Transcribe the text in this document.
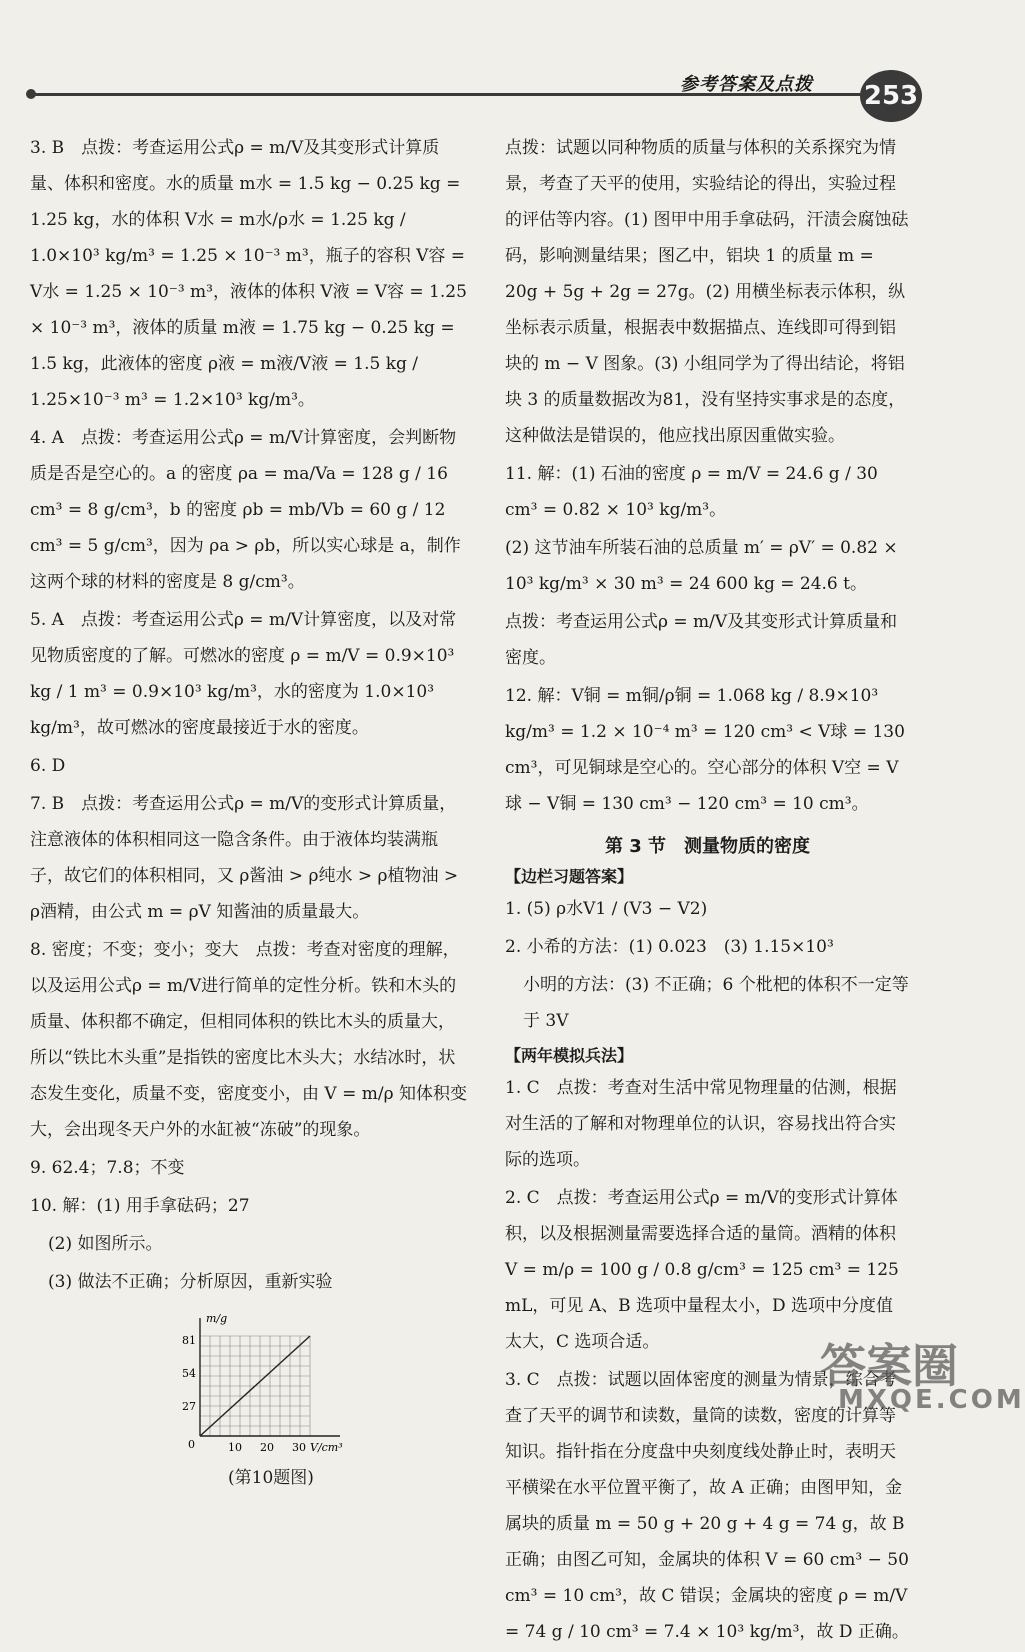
参考答案及点拨 253
3. B　点拨：考查运用公式ρ = m/V及其变形式计算质量、体积和密度。水的质量 m水 = 1.5 kg − 0.25 kg = 1.25 kg，水的体积 V水 = m水/ρ水 = 1.25 kg / 1.0×10³ kg/m³ = 1.25 × 10⁻³ m³，瓶子的容积 V容 = V水 = 1.25 × 10⁻³ m³，液体的体积 V液 = V容 = 1.25 × 10⁻³ m³，液体的质量 m液 = 1.75 kg − 0.25 kg = 1.5 kg，此液体的密度 ρ液 = m液/V液 = 1.5 kg / 1.25×10⁻³ m³ = 1.2×10³ kg/m³。
4. A　点拨：考查运用公式ρ = m/V计算密度，会判断物质是否是空心的。a 的密度 ρa = ma/Va = 128 g / 16 cm³ = 8 g/cm³，b 的密度 ρb = mb/Vb = 60 g / 12 cm³ = 5 g/cm³，因为 ρa > ρb，所以实心球是 a，制作这两个球的材料的密度是 8 g/cm³。
5. A　点拨：考查运用公式ρ = m/V计算密度，以及对常见物质密度的了解。可燃冰的密度 ρ = m/V = 0.9×10³ kg / 1 m³ = 0.9×10³ kg/m³，水的密度为 1.0×10³ kg/m³，故可燃冰的密度最接近于水的密度。
6. D
7. B　点拨：考查运用公式ρ = m/V的变形式计算质量，注意液体的体积相同这一隐含条件。由于液体均装满瓶子，故它们的体积相同，又 ρ酱油 > ρ纯水 > ρ植物油 > ρ酒精，由公式 m = ρV 知酱油的质量最大。
8. 密度；不变；变小；变大　点拨：考查对密度的理解，以及运用公式ρ = m/V进行简单的定性分析。铁和木头的质量、体积都不确定，但相同体积的铁比木头的质量大，所以“铁比木头重”是指铁的密度比木头大；水结冰时，状态发生变化，质量不变，密度变小，由 V = m/ρ 知体积变大，会出现冬天户外的水缸被“冻破”的现象。
9. 62.4；7.8；不变
10. 解：(1) 用手拿砝码；27
(2) 如图所示。
(3) 做法不正确；分析原因，重新实验
m/g
V/cm³
0	10 20 30
27
54
81
(第10题图)
点拨：试题以同种物质的质量与体积的关系探究为情景，考查了天平的使用，实验结论的得出，实验过程的评估等内容。(1) 图甲中用手拿砝码，汗渍会腐蚀砝码，影响测量结果；图乙中，铝块 1 的质量 m = 20g + 5g + 2g = 27g。(2) 用横坐标表示体积，纵坐标表示质量，根据表中数据描点、连线即可得到铝块的 m − V 图象。(3) 小组同学为了得出结论，将铝块 3 的质量数据改为81，没有坚持实事求是的态度，这种做法是错误的，他应找出原因重做实验。
11. 解：(1) 石油的密度 ρ = m/V = 24.6 g / 30 cm³ = 0.82 × 10³ kg/m³。
(2) 这节油车所装石油的总质量 m′ = ρV′ = 0.82 × 10³ kg/m³ × 30 m³ = 24 600 kg = 24.6 t。
点拨：考查运用公式ρ = m/V及其变形式计算质量和密度。
12. 解：V铜 = m铜/ρ铜 = 1.068 kg / 8.9×10³ kg/m³ = 1.2 × 10⁻⁴ m³ = 120 cm³ < V球 = 130 cm³，可见铜球是空心的。空心部分的体积 V空 = V球 − V铜 = 130 cm³ − 120 cm³ = 10 cm³。
第 3 节　测量物质的密度
【边栏习题答案】
1. (5) ρ水V1 / (V3 − V2)
2. 小希的方法：(1) 0.023　(3) 1.15×10³
小明的方法：(3) 不正确；6 个枇杷的体积不一定等于 3V
【两年模拟兵法】
1. C　点拨：考查对生活中常见物理量的估测，根据对生活的了解和对物理单位的认识，容易找出符合实际的选项。
2. C　点拨：考查运用公式ρ = m/V的变形式计算体积，以及根据测量需要选择合适的量筒。酒精的体积 V = m/ρ = 100 g / 0.8 g/cm³ = 125 cm³ = 125 mL，可见 A、B 选项中量程太小，D 选项中分度值太大，C 选项合适。
3. C　点拨：试题以固体密度的测量为情景，综合考查了天平的调节和读数，量筒的读数，密度的计算等知识。指针指在分度盘中央刻度线处静止时，表明天平横梁在水平位置平衡了，故 A 正确；由图甲知，金属块的质量 m = 50 g + 20 g + 4 g = 74 g，故 B 正确；由图乙可知，金属块的体积 V = 60 cm³ − 50 cm³ = 10 cm³，故 C 错误；金属块的密度 ρ = m/V = 74 g / 10 cm³ = 7.4 × 10³ kg/m³，故 D 正确。
答案圈
MXQE.COM
